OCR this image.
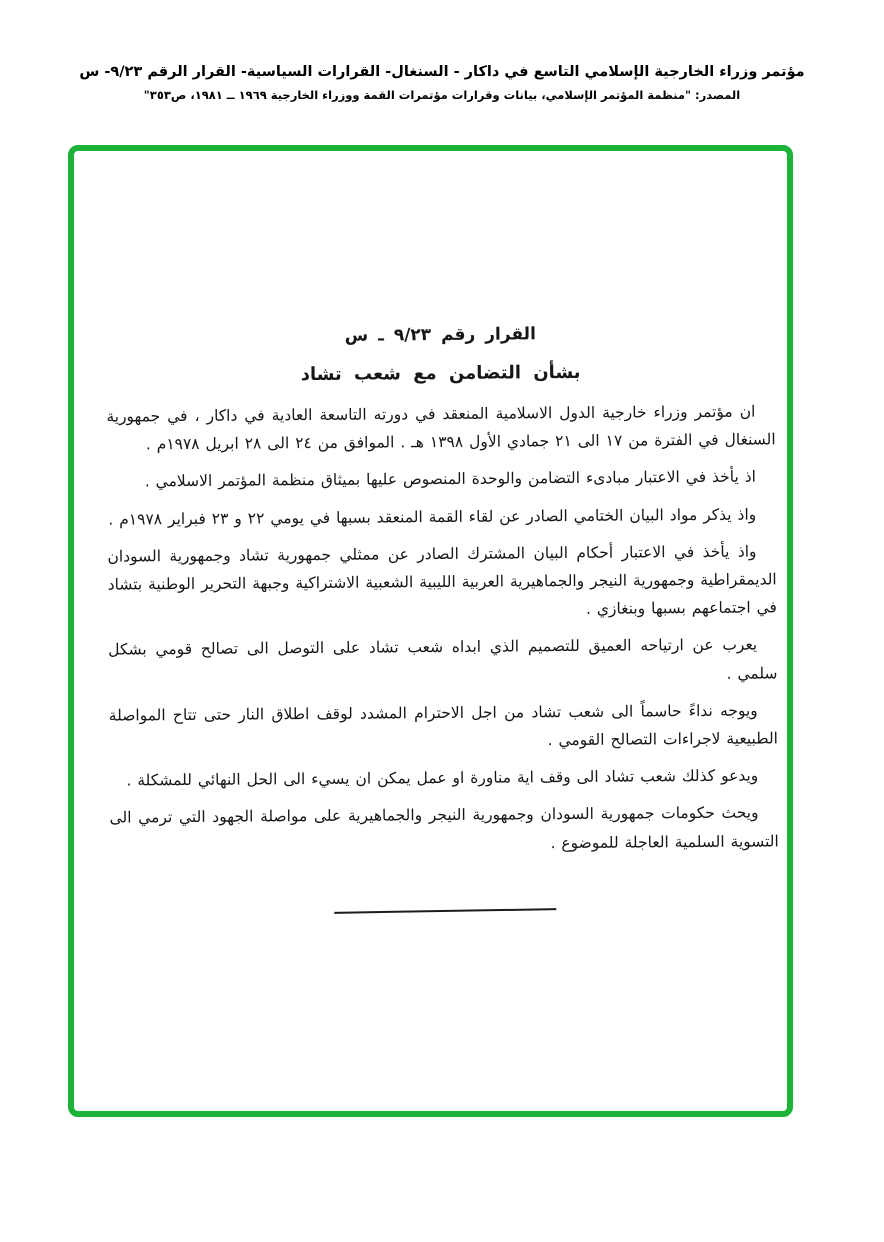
مؤتمر وزراء الخارجية الإسلامي التاسع في داكار - السنغال- القرارات السياسية- القرار الرقم ٩/٢٣- س
المصدر: "منظمة المؤتمر الإسلامي، بيانات وقرارات مؤتمرات القمة ووزراء الخارجية ١٩٦٩ ــ ١٩٨١، ص٣٥٣"
القرار رقم ٩/٢٣ ـ س
بشأن التضامن مع شعب تشاد

ان مؤتمر وزراء خارجية الدول الاسلامية المنعقد في دورته التاسعة العادية في داكار ، في جمهورية السنغال في الفترة من ١٧ الى ٢١ جمادي الأول ١٣٩٨ هـ . الموافق من ٢٤ الى ٢٨ ابريل ١٩٧٨م .

اذ يأخذ في الاعتبار مبادىء التضامن والوحدة المنصوص عليها بميثاق منظمة المؤتمر الاسلامي .

واذ يذكر مواد البيان الختامي الصادر عن لقاء القمة المنعقد بسبها في يومي ٢٢ و ٢٣ فبراير ١٩٧٨م .

واذ يأخذ في الاعتبار أحكام البيان المشترك الصادر عن ممثلي جمهورية تشاد وجمهورية السودان الديمقراطية وجمهورية النيجر والجماهيرية العربية الليبية الشعبية الاشتراكية وجبهة التحرير الوطنية بتشاد في اجتماعهم بسبها وبنغازي .

يعرب عن ارتياحه العميق للتصميم الذي ابداه شعب تشاد على التوصل الى تصالح قومي بشكل سلمي .

ويوجه نداءً حاسماً الى شعب تشاد من اجل الاحترام المشدد لوقف اطلاق النار حتى تتاح المواصلة الطبيعية لاجراءات التصالح القومي .

ويدعو كذلك شعب تشاد الى وقف اية مناورة او عمل يمكن ان يسيء الى الحل النهائي للمشكلة .

ويحث حكومات جمهورية السودان وجمهورية النيجر والجماهيرية على مواصلة الجهود التي ترمي الى التسوية السلمية العاجلة للموضوع .
